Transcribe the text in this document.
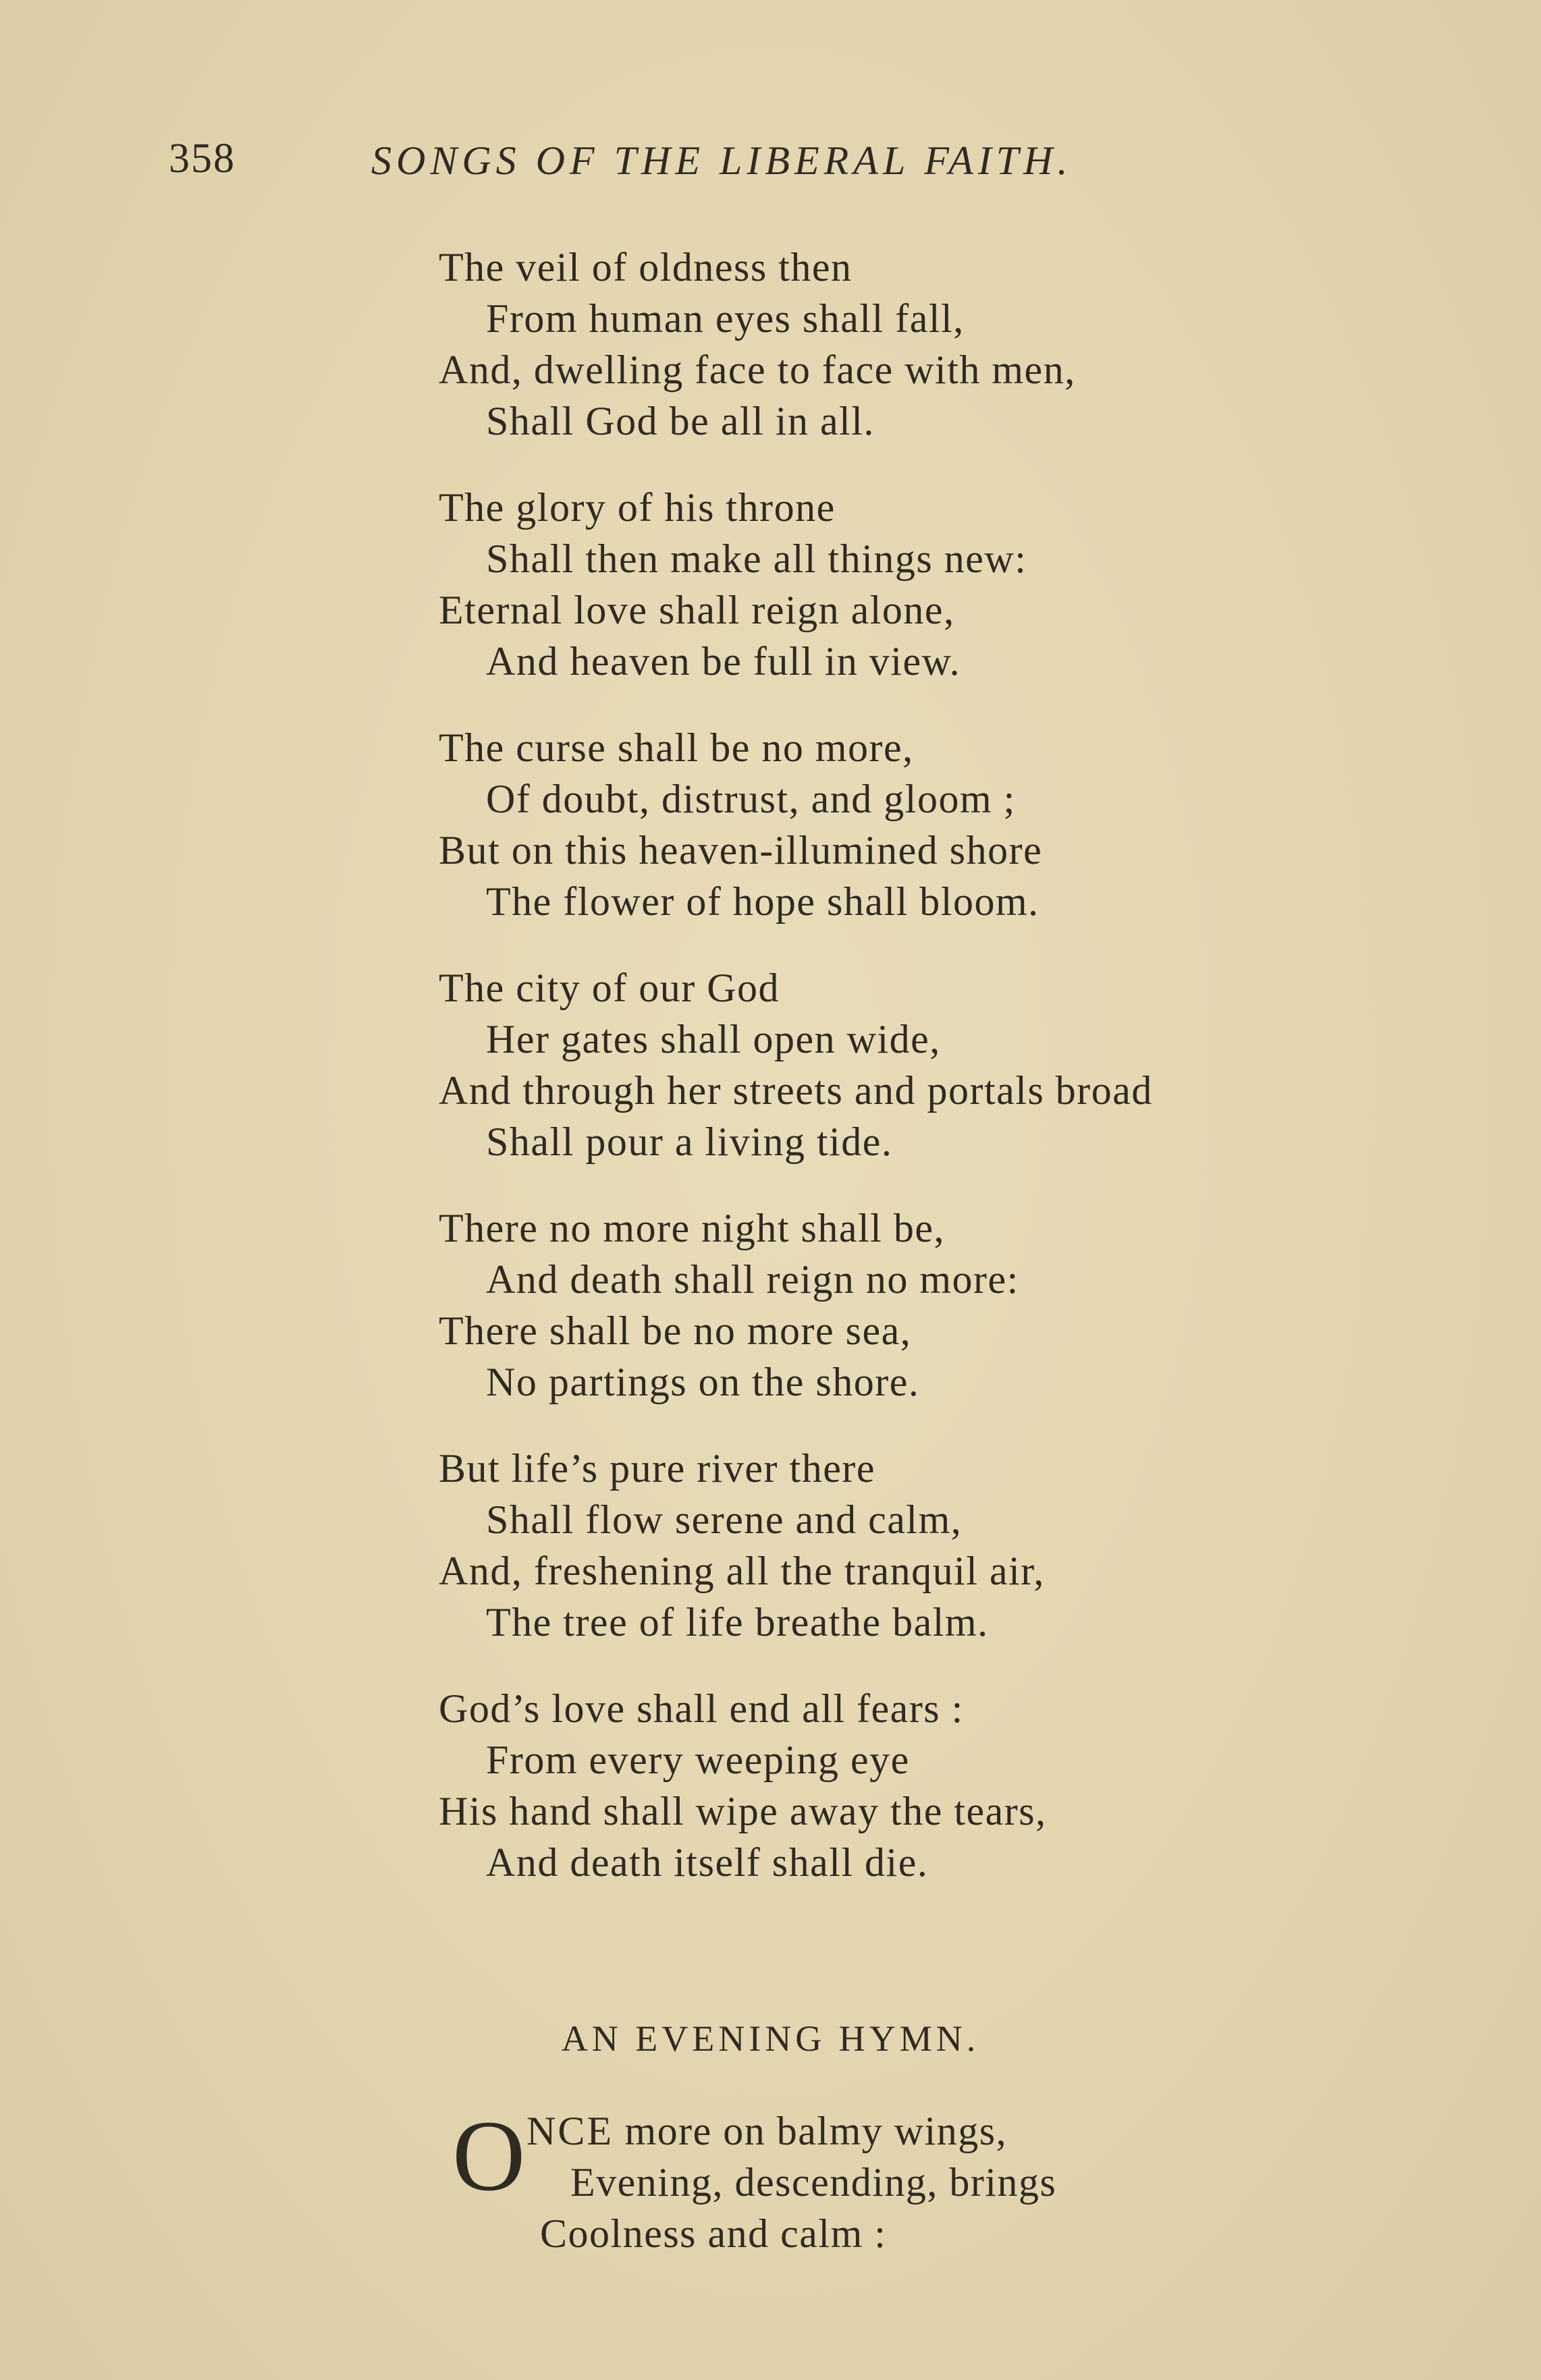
358	SONGS OF THE LIBERAL FAITH.
The veil of oldness then
From human eyes shall fall,
And, dwelling face to face with men,
Shall God be all in all.
The glory of his throne
Shall then make all things new:
Eternal love shall reign alone,
And heaven be full in view.
The curse shall be no more,
Of doubt, distrust, and gloom ;
But on this heaven-illumined shore
The flower of hope shall bloom.
The city of our God
Her gates shall open wide,
And through her streets and portals broad
Shall pour a living tide.
There no more night shall be,
And death shall reign no more:
There shall be no more sea,
No partings on the shore.
But life’s pure river there
Shall flow serene and calm,
And, freshening all the tranquil air,
The tree of life breathe balm.
God’s love shall end all fears :
From every weeping eye
His hand shall wipe away the tears,
And death itself shall die.
AN EVENING HYMN.
O NCE more on balmy wings,
Evening, descending, brings
Coolness and calm :
